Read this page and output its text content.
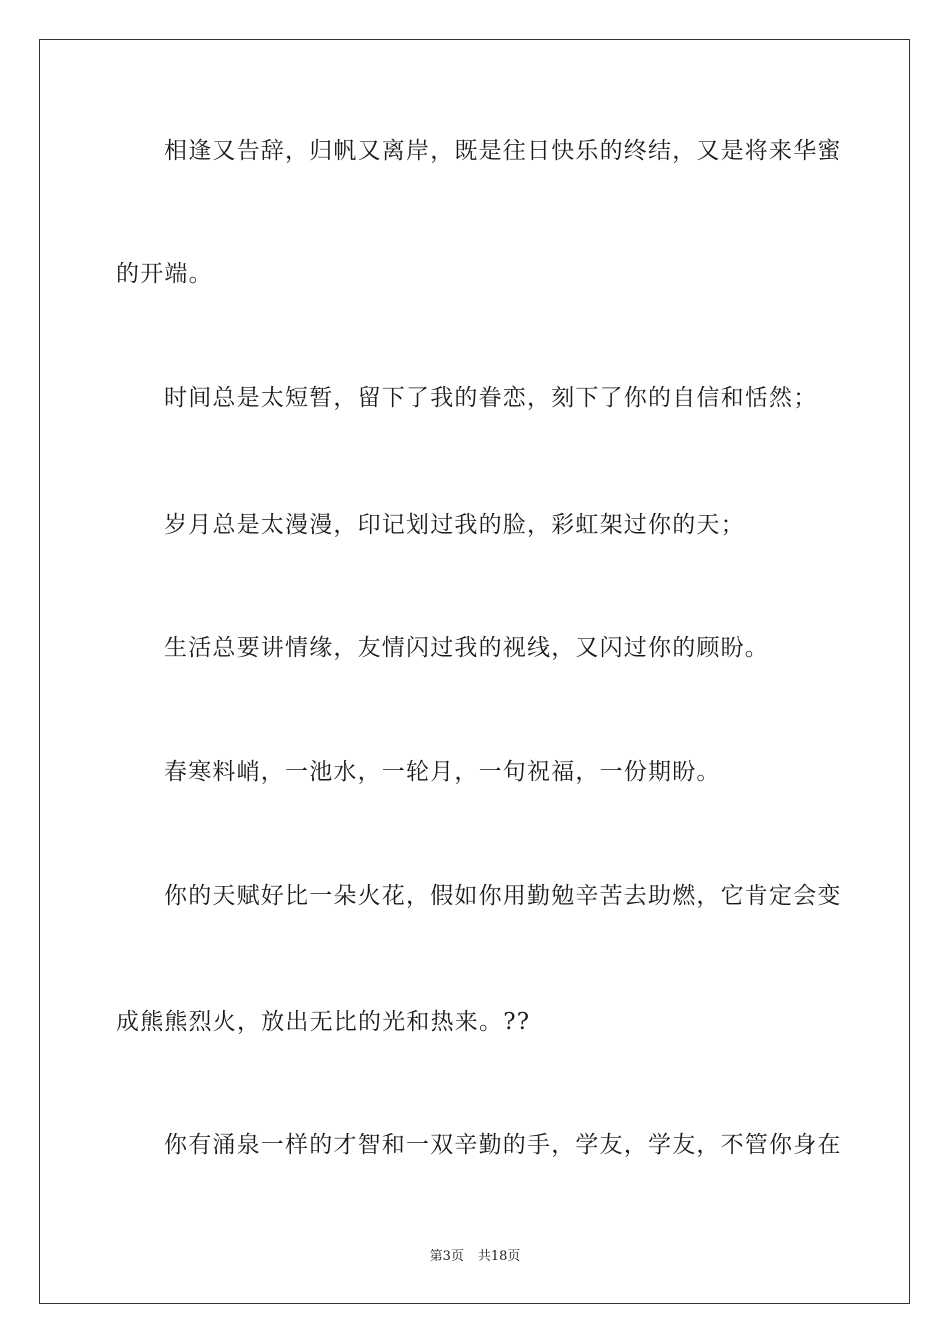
相逢又告辞，归帆又离岸，既是往日快乐的终结，又是将来华蜜
的开端。
时间总是太短暂，留下了我的眷恋，刻下了你的自信和恬然；
岁月总是太漫漫，印记划过我的脸，彩虹架过你的天；
生活总要讲情缘，友情闪过我的视线，又闪过你的顾盼。
春寒料峭，一池水，一轮月，一句祝福，一份期盼。
你的天赋好比一朵火花，假如你用勤勉辛苦去助燃，它肯定会变
成熊熊烈火，放出无比的光和热来。??
你有涌泉一样的才智和一双辛勤的手，学友，学友，不管你身在
第3页 共18页
